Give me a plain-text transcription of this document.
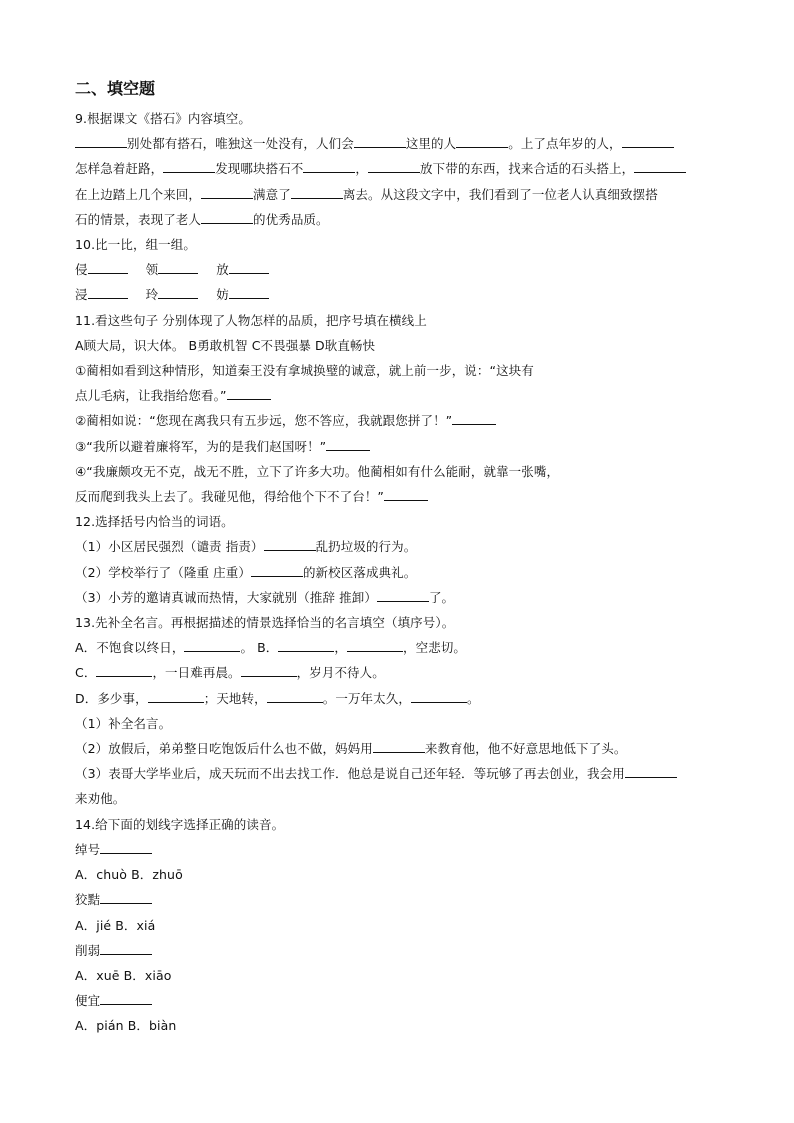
二、填空题
9.根据课文《搭石》内容填空。
别处都有搭石，唯独这一处没有，人们会	这里的人	。上了点年岁的人，
怎样急着赶路，	发现哪块搭石不	，	放下带的东西，找来合适的石头搭上，
在上边踏上几个来回，	满意了	离去。从这段文字中，我们看到了一位老人认真细致摆搭
石的情景，表现了老人	的优秀品质。
10.比一比，组一组。
侵	领	放
浸	玲	妨
11.看这些句子 分别体现了人物怎样的品质，把序号填在横线上
A顾大局，识大体。 B勇敢机智 C不畏强暴 D耿直畅快
①蔺相如看到这种情形，知道秦王没有拿城换璧的诚意，就上前一步，说：“这块有
点儿毛病，让我指给您看。”
②蔺相如说：“您现在离我只有五步远，您不答应，我就跟您拼了！”
③“我所以避着廉将军，为的是我们赵国呀！”
④“我廉颇攻无不克，战无不胜，立下了许多大功。他蔺相如有什么能耐，就靠一张嘴，
反而爬到我头上去了。我碰见他，得给他个下不了台！”
12.选择括号内恰当的词语。
（1）小区居民强烈（谴责 指责）	乱扔垃圾的行为。
（2）学校举行了（隆重 庄重）	的新校区落成典礼。
（3）小芳的邀请真诚而热情，大家就别（推辞 推卸）	了。
13.先补全名言。再根据描述的情景选择恰当的名言填空（填序号）。
A．不饱食以终日，	。 B．	，	，空悲切。
C．	，一日难再晨。	，岁月不待人。
D．多少事，	；天地转，	。一万年太久，	。
（1）补全名言。
（2）放假后，弟弟整日吃饱饭后什么也不做，妈妈用	来教育他，他不好意思地低下了头。
（3）表哥大学毕业后，成天玩而不出去找工作．他总是说自己还年轻．等玩够了再去创业，我会用
来劝他。
14.给下面的划线字选择正确的读音。
绰号
A．chuò B．zhuō
狡黠
A．jié B．xiá
削弱
A．xuē B．xiāo
便宜
A．pián B．biàn
